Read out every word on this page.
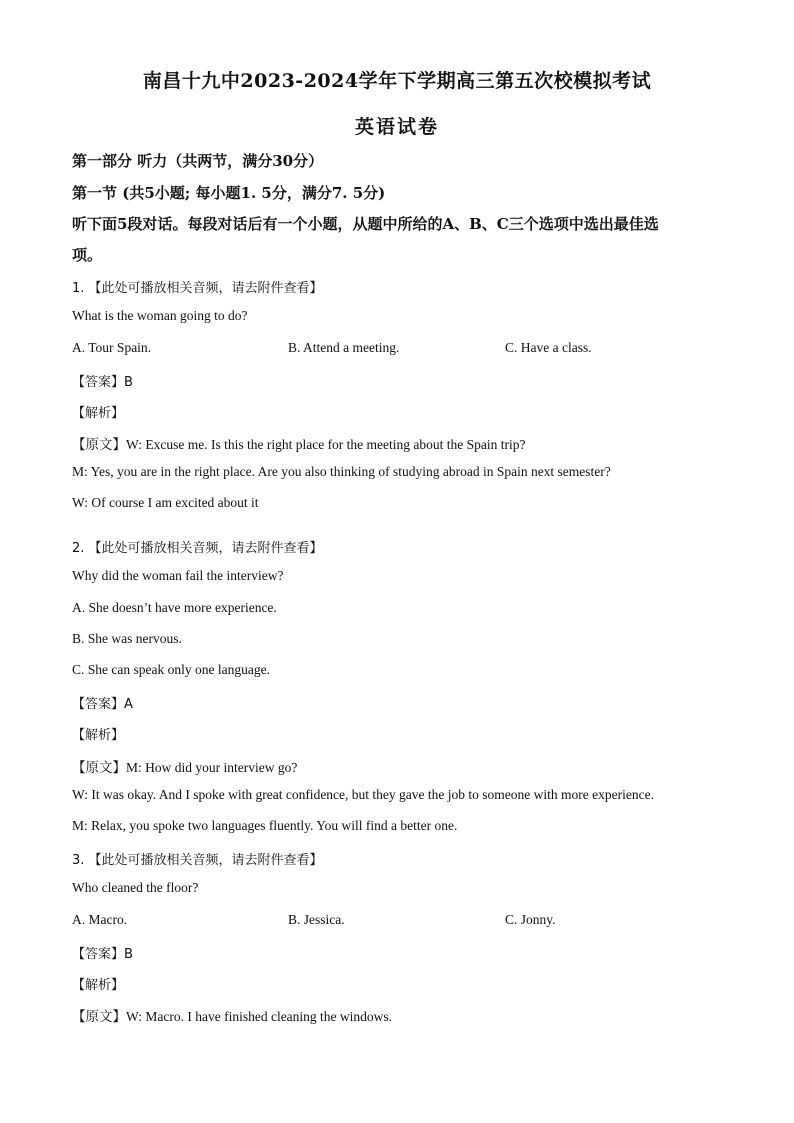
南昌十九中2023-2024学年下学期高三第五次校模拟考试
英语试卷
第一部分 听力（共两节，满分30分）
第一节 (共5小题; 每小题1. 5分，满分7. 5分)
听下面5段对话。每段对话后有一个小题，从题中所给的A、B、C三个选项中选出最佳选
项。
1. 【此处可播放相关音频，请去附件查看】
What is the woman going to do?
A. Tour Spain.	B. Attend a meeting.	C. Have a class.
【答案】B
【解析】
【原文】W: Excuse me. Is this the right place for the meeting about the Spain trip?
M: Yes, you are in the right place. Are you also thinking of studying abroad in Spain next semester?
W: Of course I am excited about it
2. 【此处可播放相关音频，请去附件查看】
Why did the woman fail the interview?
A. She doesn’t have more experience.
B. She was nervous.
C. She can speak only one language.
【答案】A
【解析】
【原文】M: How did your interview go?
W: It was okay. And I spoke with great confidence, but they gave the job to someone with more experience.
M: Relax, you spoke two languages fluently. You will find a better one.
3. 【此处可播放相关音频，请去附件查看】
Who cleaned the floor?
A. Macro.	B. Jessica.	C. Jonny.
【答案】B
【解析】
【原文】W: Macro. I have finished cleaning the windows.
